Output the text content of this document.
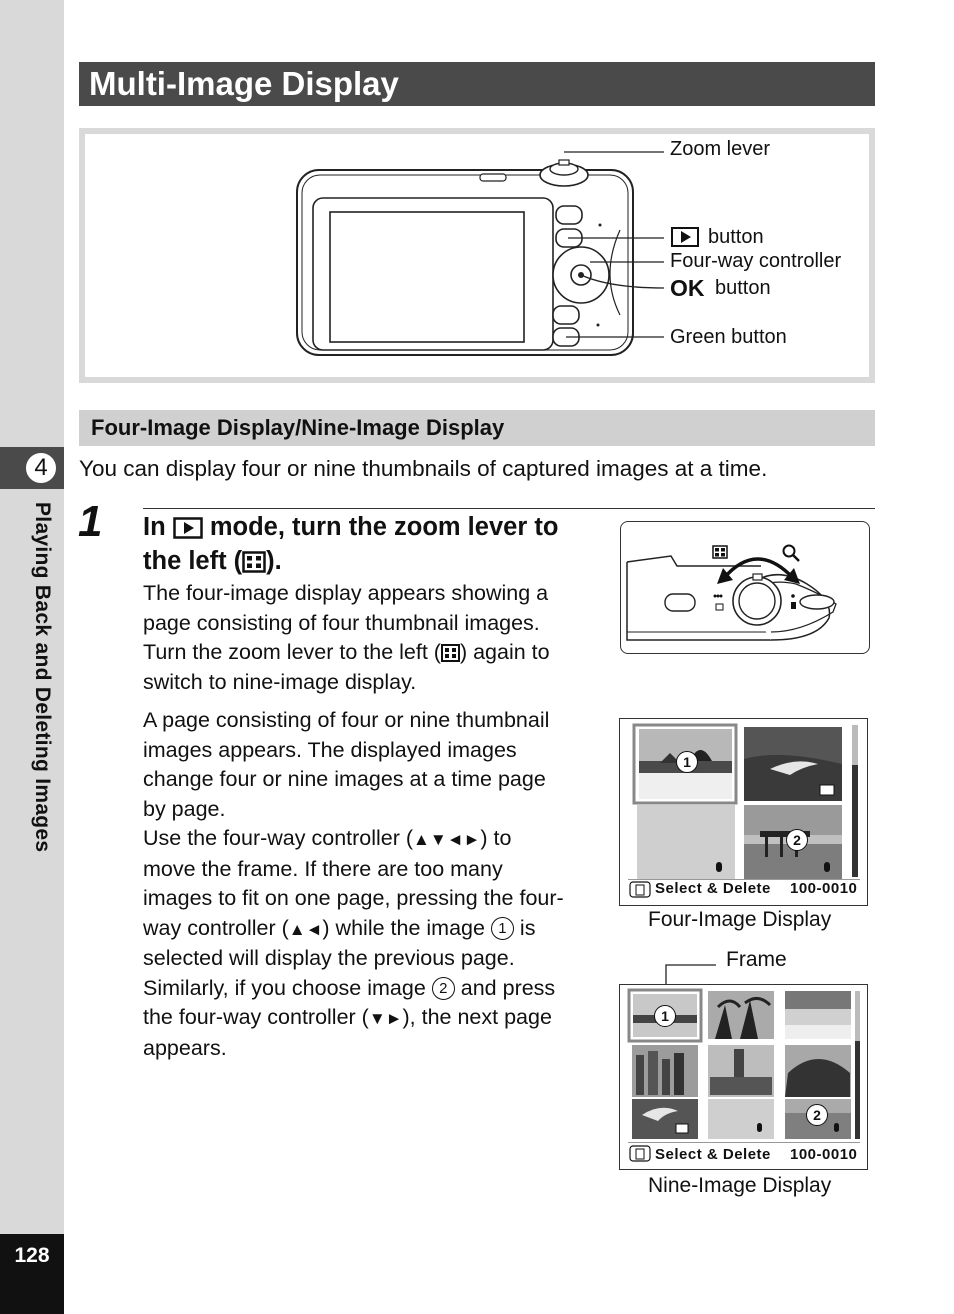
4
Playing Back and Deleting Images
128
Multi-Image Display
Zoom lever
button
Four-way controller
OK button
Green button
Four-Image Display/Nine-Image Display
You can display four or nine thumbnails of captured images at a time.
1 In mode, turn the zoom lever to
the left ( ).
The four-image display appears showing a
page consisting of four thumbnail images.
Turn the zoom lever to the left ( ) again to
switch to nine-image display.
A page consisting of four or nine thumbnail
images appears. The displayed images
change four or nine images at a time page
by page.
Use the four-way controller (▲▼◄►) to
move the frame. If there are too many
images to fit on one page, pressing the four-
way controller (▲◄) while the image 1 is
selected will display the previous page.
Similarly, if you choose image 2 and press
the four-way controller (▼►), the next page
appears.
1
2
Select & Delete 100-0010
Four-Image Display
Frame
1
2
Select & Delete 100-0010
Nine-Image Display
